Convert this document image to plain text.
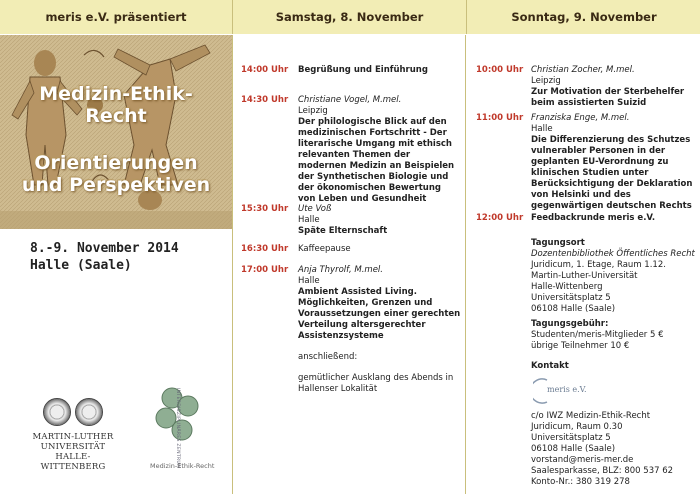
meris e.V. präsentiert	Samstag, 8. November	Sonntag, 9. November
Medizin-Ethik-
Recht
Orientierungen
und Perspektiven
8.-9. November 2014
Halle (Saale)
MARTIN-LUTHER
UNIVERSITÄT
HALLE-WITTENBERG	INTERDISZIPLINÄRES ZENTRUM
Medizin-Ethik-Recht
14:00 Uhr Begrüßung und Einführung
14:30 Uhr Christiane Vogel, M.mel.
Leipzig
Der philologische Blick auf den medizinischen Fortschritt - Der literarische Umgang mit ethisch relevanten Themen der modernen Medizin an Beispielen der Synthetischen Biologie und der ökonomischen Bewertung von Leben und Gesundheit
15:30 Uhr Ute Voß
Halle
Späte Elternschaft
16:30 Uhr Kaffeepause
17:00 Uhr Anja Thyrolf, M.mel.
Halle
Ambient Assisted Living. Möglichkeiten, Grenzen und Voraussetzungen einer gerechten Verteilung altersgerechter Assistenzsysteme
anschließend:
gemütlicher Ausklang des Abends in Hallenser Lokalität
10:00 Uhr Christian Zocher, M.mel.
Leipzig
Zur Motivation der Sterbehelfer beim assistierten Suizid
11:00 Uhr Franziska Enge, M.mel.
Halle
Die Differenzierung des Schutzes vulnerabler Personen in der geplanten EU-Verordnung zu klinischen Studien unter Berücksichtigung der Deklaration von Helsinki und des gegenwärtigen deutschen Rechts
12:00 Uhr Feedbackrunde meris e.V.
Tagungsort
Dozentenbibliothek Öffentliches Recht
Juridicum, 1. Etage, Raum 1.12.
Martin-Luther-Universität
Halle-Wittenberg
Universitätsplatz 5
06108 Halle (Saale)
Tagungsgebühr:
Studenten/meris-Mitglieder 5 €
übrige Teilnehmer 10 €
Kontakt
meris e.V.
c/o IWZ Medizin-Ethik-Recht
Juridicum, Raum 0.30
Universitätsplatz 5
06108 Halle (Saale)
vorstand@meris-mer.de
Saalesparkasse, BLZ: 800 537 62
Konto-Nr.: 380 319 278
